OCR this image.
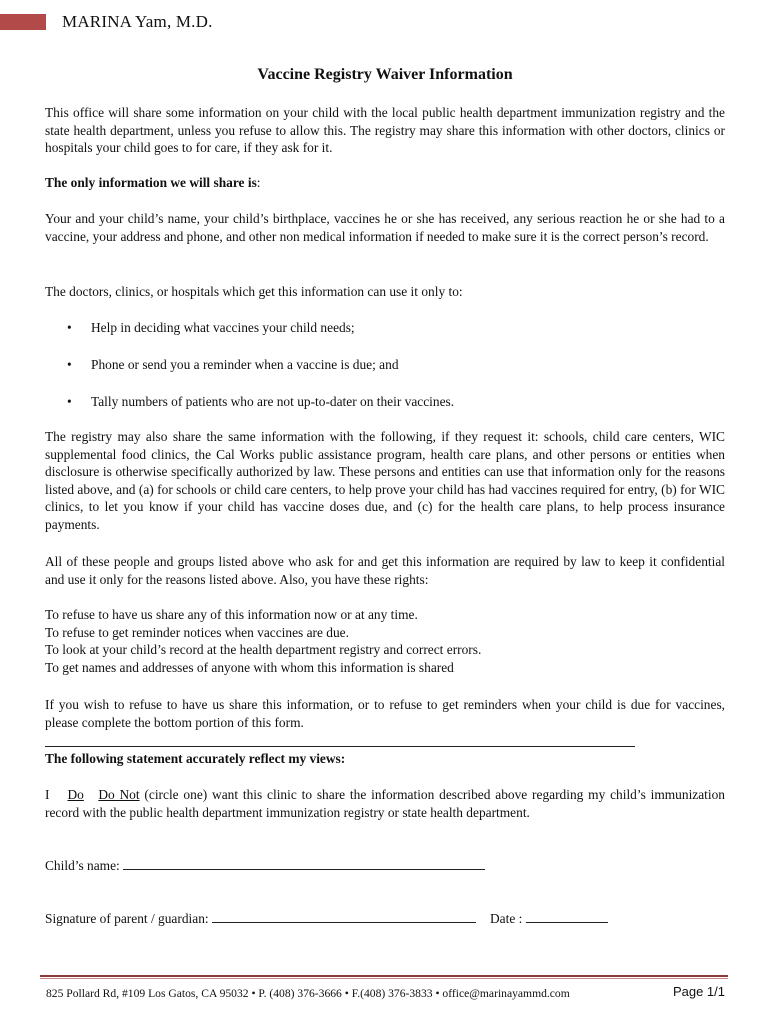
MARINA Yam, M.D.
Vaccine Registry Waiver Information
This office will share some information on your child with the local public health department immunization registry and the state health department, unless you refuse to allow this. The registry may share this information with other doctors, clinics or hospitals your child goes to for care, if they ask for it.
The only information we will share is:
Your and your child’s name, your child’s birthplace, vaccines he or she has received, any serious reaction he or she had to a vaccine, your address and phone, and other non medical information if needed to make sure it is the correct person’s record.
The doctors, clinics, or hospitals which get this information can use it only to:
• Help in deciding what vaccines your child needs;
• Phone or send you a reminder when a vaccine is due; and
• Tally numbers of patients who are not up-to-dater on their vaccines.
The registry may also share the same information with the following, if they request it: schools, child care centers, WIC supplemental food clinics, the Cal Works public assistance program, health care plans, and other persons or entities when disclosure is otherwise specifically authorized by law. These persons and entities can use that information only for the reasons listed above, and (a) for schools or child care centers, to help prove your child has had vaccines required for entry, (b) for WIC clinics, to let you know if your child has vaccine doses due, and (c) for the health care plans, to help process insurance payments.
All of these people and groups listed above who ask for and get this information are required by law to keep it confidential and use it only for the reasons listed above. Also, you have these rights:
To refuse to have us share any of this information now or at any time.
To refuse to get reminder notices when vaccines are due.
To look at your child’s record at the health department registry and correct errors.
To get names and addresses of anyone with whom this information is shared
If you wish to refuse to have us share this information, or to refuse to get reminders when your child is due for vaccines, please complete the bottom portion of this form.
The following statement accurately reflect my views:
I Do Do Not (circle one) want this clinic to share the information described above regarding my child’s immunization record with the public health department immunization registry or state health department.
Child’s name:
Signature of parent / guardian:	Date :
825 Pollard Rd, #109 Los Gatos, CA 95032 • P. (408) 376-3666 • F.(408) 376-3833 • office@marinayammd.com	Page 1/1
